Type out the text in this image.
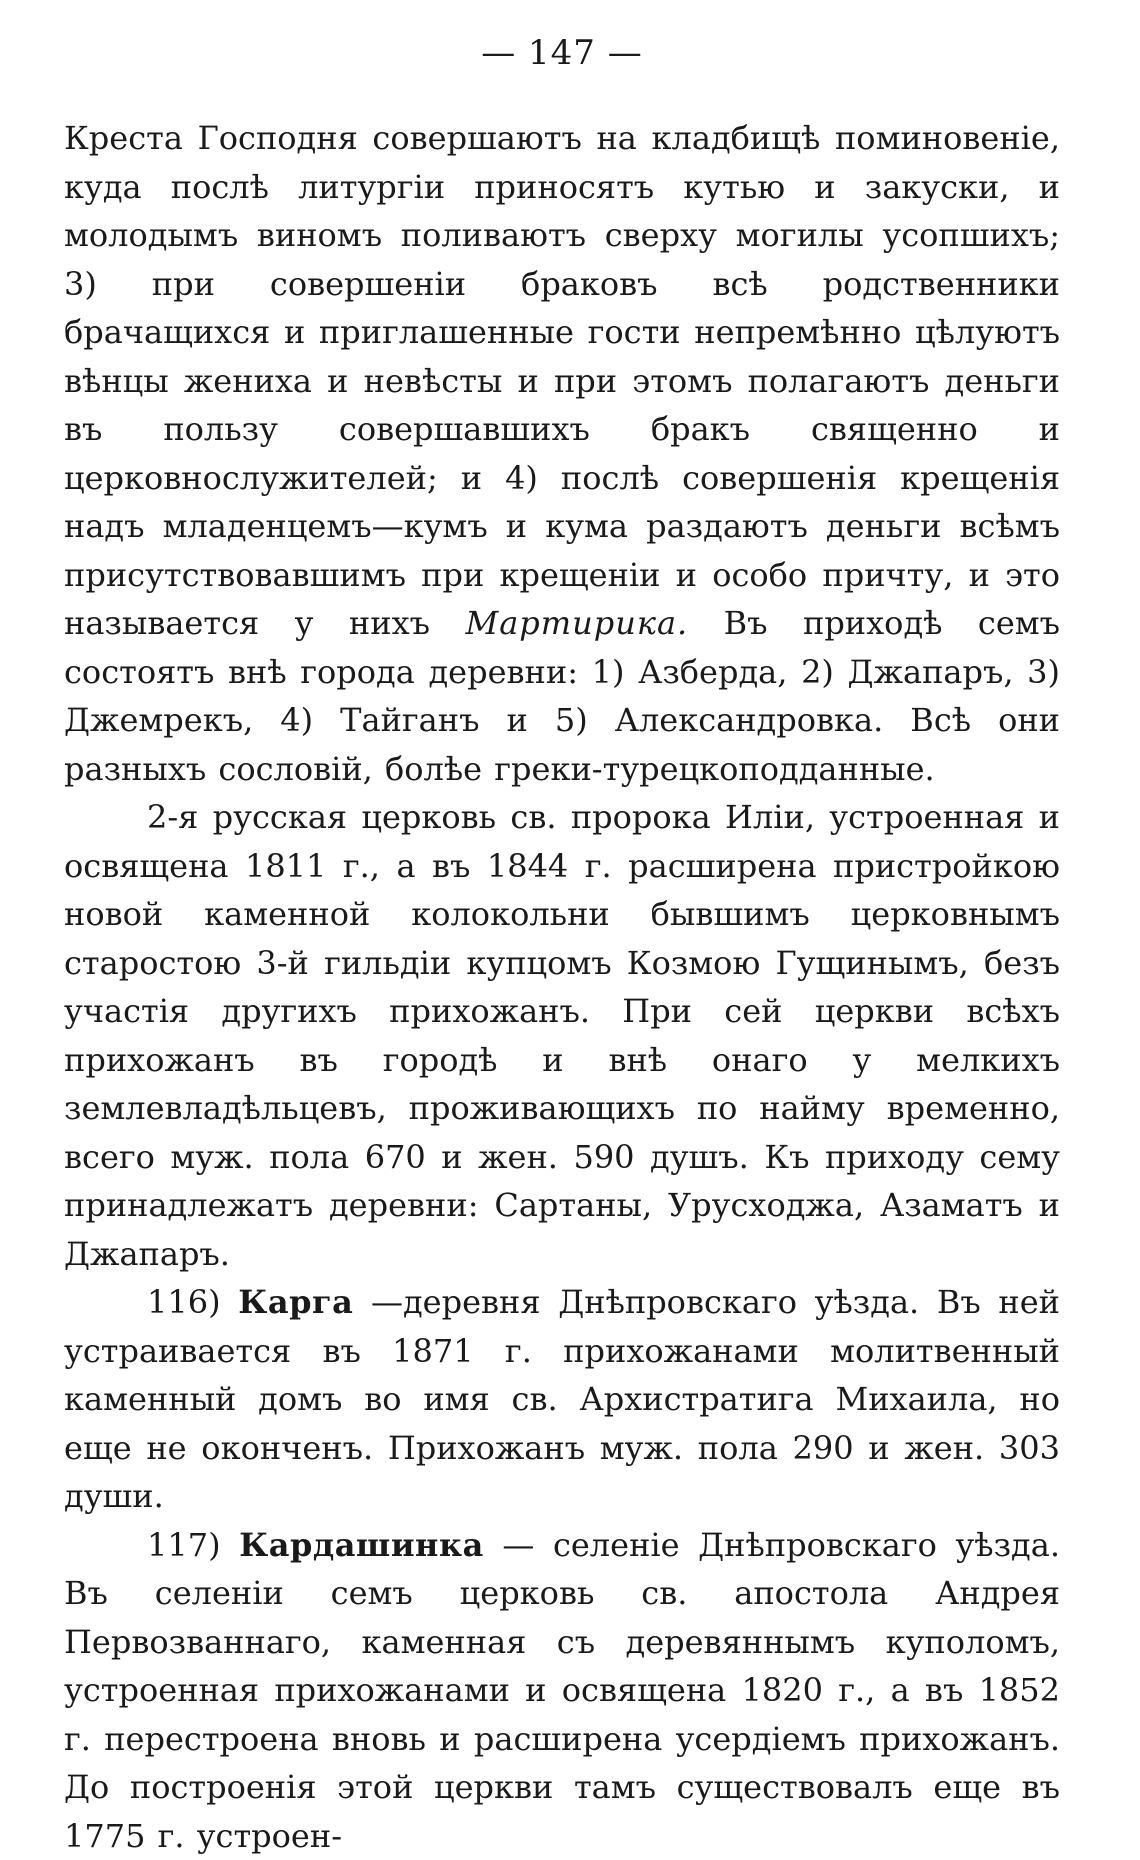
— 147 —

Креста Господня совершаютъ на кладбищѣ поминовеніе, куда послѣ литургіи приносятъ кутью и закуски, и молодымъ виномъ поливаютъ сверху могилы усопшихъ; 3) при совершеніи браковъ всѣ родственники брачащихся и приглашенные гости непремѣнно цѣлуютъ вѣнцы жениха и невѣсты и при этомъ полагаютъ деньги въ пользу совершавшихъ бракъ священно и церковнослужителей; и 4) послѣ совершенія крещенія надъ младенцемъ—кумъ и кума раздаютъ деньги всѣмъ присутствовавшимъ при крещеніи и особо причту, и это называется у нихъ Мартирика. Въ приходѣ семъ состоятъ внѣ города деревни: 1) Азберда, 2) Джапаръ, 3) Джемрекъ, 4) Тайганъ и 5) Александровка. Всѣ они разныхъ сословій, болѣе греки-турецкоподданные.

2-я русская церковь св. пророка Иліи, устроенная и освящена 1811 г., а въ 1844 г. расширена пристройкою новой каменной колокольни бывшимъ церковнымъ старостою 3-й гильдіи купцомъ Козмою Гущинымъ, безъ участія другихъ прихожанъ. При сей церкви всѣхъ прихожанъ въ городѣ и внѣ онаго у мелкихъ землевладѣльцевъ, проживающихъ по найму временно, всего муж. пола 670 и жен. 590 душъ. Къ приходу сему принадлежатъ деревни: Сартаны, Урусходжа, Азаматъ и Джапаръ.

116) Карга —деревня Днѣпровскаго уѣзда. Въ ней устраивается въ 1871 г. прихожанами молитвенный каменный домъ во имя св. Архистратига Михаила, но еще не оконченъ. Прихожанъ муж. пола 290 и жен. 303 души.

117) Кардашинка — селеніе Днѣпровскаго уѣзда. Въ селеніи семъ церковь св. апостола Андрея Первозваннаго, каменная съ деревяннымъ куполомъ, устроенная прихожанами и освящена 1820 г., а въ 1852 г. перестроена вновь и расширена усердіемъ прихожанъ. До построенія этой церкви тамъ существовалъ еще въ 1775 г. устроен-
